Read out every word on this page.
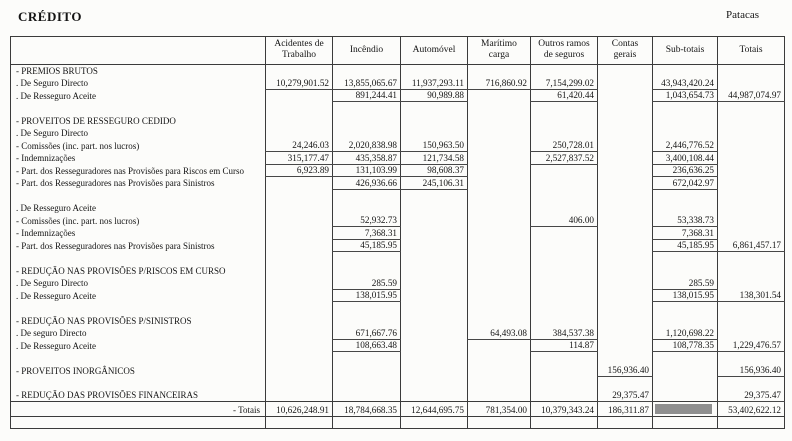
CRÉDITO	Patacas
	Acidentes de
Trabalho	Incêndio	Automóvel	Marítimo
carga	Outros ramos
de seguros	Contas
gerais	Sub-totais	Totais
- PREMIOS BRUTOS								
. De Seguro Directo	10,279,901.52	13,855,065.67	11,937,293.11	716,860.92	7,154,299.02		43,943,420.24	
. De Resseguro Aceite		891,244.41	90,989.88		61,420.44		1,043,654.73	44,987,074.97

- PROVEITOS DE RESSEGURO CEDIDO								
. De Seguro Directo								
- Comissões (inc. part. nos lucros)	24,246.03	2,020,838.98	150,963.50		250,728.01		2,446,776.52	
- Indemnizações	315,177.47	435,358.87	121,734.58		2,527,837.52		3,400,108.44	
- Part. dos Resseguradores nas Provisões para Riscos em Curso	6,923.89	131,103.99	98,608.37				236,636.25	
- Part. dos Resseguradores nas Provisões para Sinistros		426,936.66	245,106.31				672,042.97	

. De Resseguro Aceite								
- Comissões (inc. part. nos lucros)		52,932.73			406.00		53,338.73	
- Indemnizações		7,368.31					7,368.31	
- Part. dos Resseguradores nas Provisões para Sinistros		45,185.95					45,185.95	6,861,457.17

- REDUÇÃO NAS PROVISÕES P/RISCOS EM CURSO								
. De Seguro Directo		285.59					285.59	
. De Resseguro Aceite		138,015.95					138,015.95	138,301.54

- REDUÇÃO NAS PROVISÕES P/SINISTROS								
. De seguro Directo		671,667.76		64,493.08	384,537.38		1,120,698.22	
. De Resseguro Aceite		108,663.48			114.87		108,778.35	1,229,476.57

- PROVEITOS INORGÂNICOS						156,936.40		156,936.40

- REDUÇÃO DAS PROVISÕES FINANCEIRAS						29,375.47		29,375.47
- Totais	10,626,248.91	18,784,668.35	12,644,695.75	781,354.00	10,379,343.24	186,311.87		53,402,622.12
